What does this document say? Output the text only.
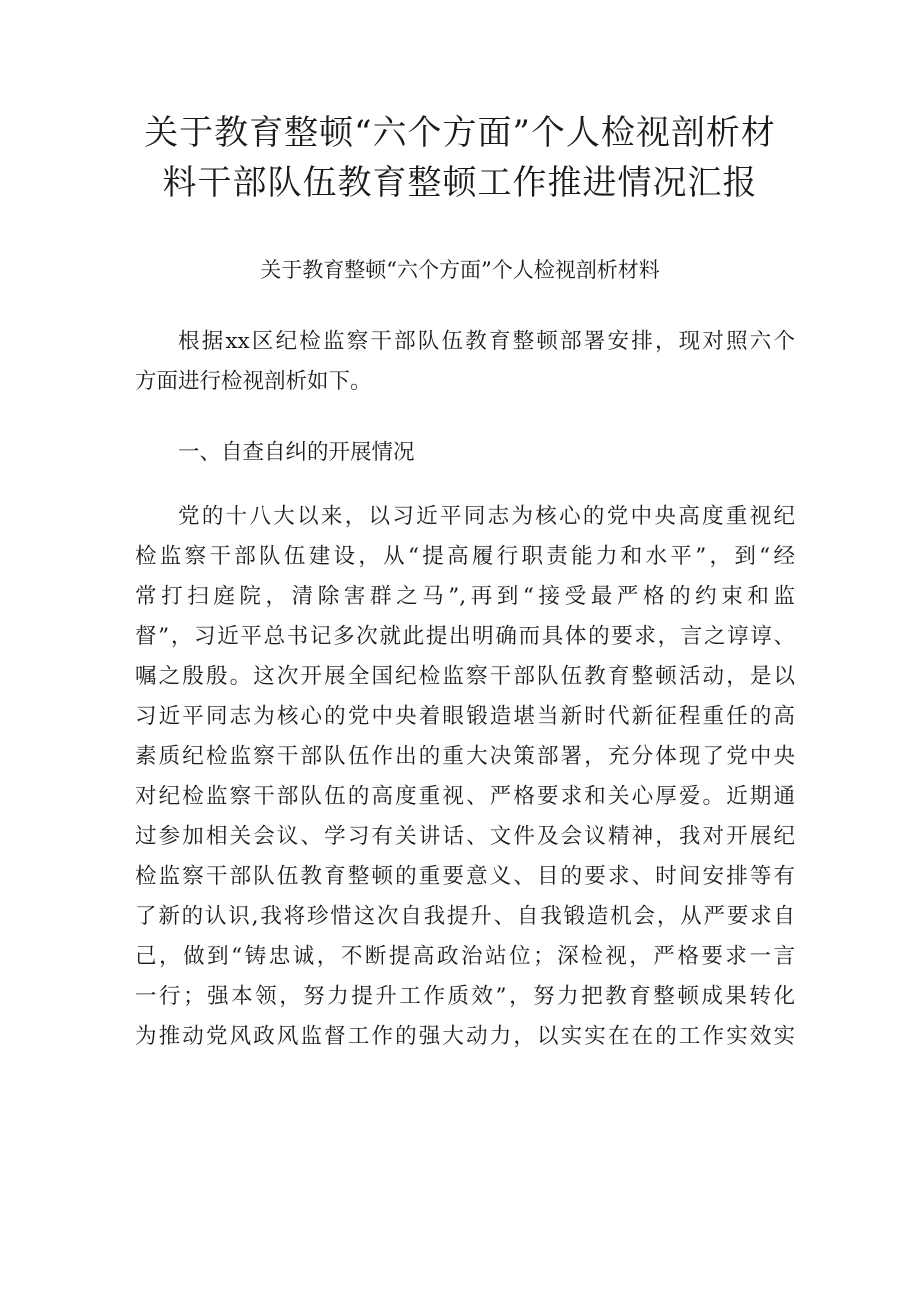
关于教育整顿“六个方面”个人检视剖析材
料干部队伍教育整顿工作推进情况汇报
关于教育整顿“六个方面”个人检视剖析材料
根据xx区纪检监察干部队伍教育整顿部署安排，现对照六个
方面进行检视剖析如下。
一、自查自纠的开展情况
党的十八大以来，以习近平同志为核心的党中央高度重视纪
检监察干部队伍建设，从“提高履行职责能力和水平”，到“经
常打扫庭院，清除害群之马”,再到“接受最严格的约束和监
督”，习近平总书记多次就此提出明确而具体的要求，言之谆谆、
嘱之殷殷。这次开展全国纪检监察干部队伍教育整顿活动，是以
习近平同志为核心的党中央着眼锻造堪当新时代新征程重任的高
素质纪检监察干部队伍作出的重大决策部署，充分体现了党中央
对纪检监察干部队伍的高度重视、严格要求和关心厚爱。近期通
过参加相关会议、学习有关讲话、文件及会议精神，我对开展纪
检监察干部队伍教育整顿的重要意义、目的要求、时间安排等有
了新的认识,我将珍惜这次自我提升、自我锻造机会，从严要求自
己，做到“铸忠诚，不断提高政治站位；深检视，严格要求一言
一行；强本领，努力提升工作质效”，努力把教育整顿成果转化
为推动党风政风监督工作的强大动力，以实实在在的工作实效实
